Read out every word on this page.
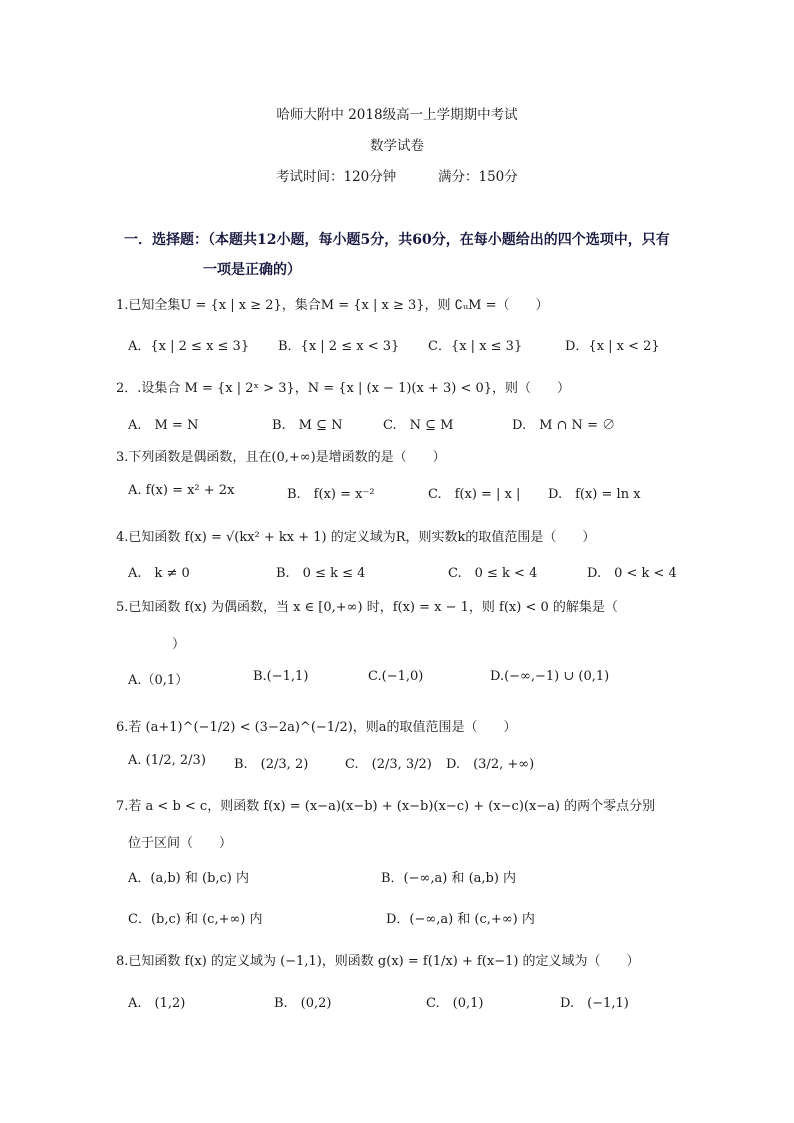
哈师大附中 2018级高一上学期期中考试
数学试卷
考试时间：120分钟	满分：150分
一．选择题：（本题共12小题，每小题5分，共60分，在每小题给出的四个选项中，只有
一项是正确的）
1.已知全集U = {x | x ≥ 2}，集合M = {x | x ≥ 3}，则 ∁ᵤM =（　　）
A．{x | 2 ≤ x ≤ 3} B．{x | 2 ≤ x < 3} C．{x | x ≤ 3}	D．{x | x < 2}
2．.设集合 M = {x | 2ˣ > 3}，N = {x | (x − 1)(x + 3) < 0}，则（　　）
A.　M = N	B.　M ⊆ N	C.　N ⊆ M	D.　M ∩ N = ∅
3.下列函数是偶函数，且在(0,+∞)是增函数的是（　　）
A. f(x) = x² + 2x	B.　f(x) = x⁻²	C.　f(x) = | x | D.　f(x) = ln x
4.已知函数 f(x) = √(kx² + kx + 1) 的定义域为R，则实数k的取值范围是（　　）
A.　k ≠ 0	B.　0 ≤ k ≤ 4	C.　0 ≤ k < 4	D.　0 < k < 4
5.已知函数 f(x) 为偶函数，当 x ∈ [0,+∞) 时，f(x) = x − 1，则 f(x) < 0 的解集是（
）
A.（0,1）	B.(−1,1)	C.(−1,0)	D.(−∞,−1) ∪ (0,1)
6.若 (a+1)^(−1/2) < (3−2a)^(−1/2)，则a的取值范围是（　　）
A. (1/2, 2/3) B.　(2/3, 2)	C.　(2/3, 3/2) D.　(3/2, +∞)
7.若 a < b < c，则函数 f(x) = (x−a)(x−b) + (x−b)(x−c) + (x−c)(x−a) 的两个零点分别
位于区间（　　）
A．(a,b) 和 (b,c) 内	B．(−∞,a) 和 (a,b) 内
C．(b,c) 和 (c,+∞) 内	D．(−∞,a) 和 (c,+∞) 内
8.已知函数 f(x) 的定义域为 (−1,1)，则函数 g(x) = f(1/x) + f(x−1) 的定义域为（　　）
A.　(1,2)	B.　(0,2)	C.　(0,1)	D.　(−1,1)
